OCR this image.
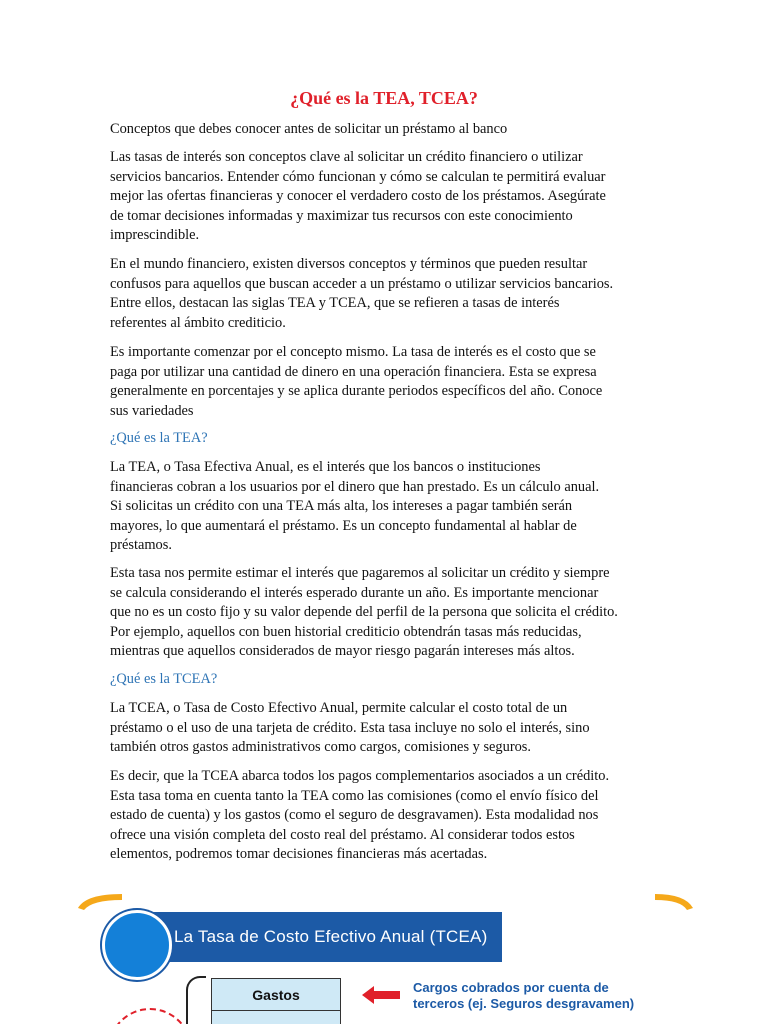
¿Qué es la TEA, TCEA?

Conceptos que debes conocer antes de solicitar un préstamo al banco

Las tasas de interés son conceptos clave al solicitar un crédito financiero o utilizar
servicios bancarios. Entender cómo funcionan y cómo se calculan te permitirá evaluar
mejor las ofertas financieras y conocer el verdadero costo de los préstamos. Asegúrate
de tomar decisiones informadas y maximizar tus recursos con este conocimiento
imprescindible.

En el mundo financiero, existen diversos conceptos y términos que pueden resultar
confusos para aquellos que buscan acceder a un préstamo o utilizar servicios bancarios.
Entre ellos, destacan las siglas TEA y TCEA, que se refieren a tasas de interés
referentes al ámbito crediticio.

Es importante comenzar por el concepto mismo. La tasa de interés es el costo que se
paga por utilizar una cantidad de dinero en una operación financiera. Esta se expresa
generalmente en porcentajes y se aplica durante periodos específicos del año. Conoce
sus variedades

¿Qué es la TEA?

La TEA, o Tasa Efectiva Anual, es el interés que los bancos o instituciones
financieras cobran a los usuarios por el dinero que han prestado. Es un cálculo anual.
Si solicitas un crédito con una TEA más alta, los intereses a pagar también serán
mayores, lo que aumentará el préstamo. Es un concepto fundamental al hablar de
préstamos.

Esta tasa nos permite estimar el interés que pagaremos al solicitar un crédito y siempre
se calcula considerando el interés esperado durante un año. Es importante mencionar
que no es un costo fijo y su valor depende del perfil de la persona que solicita el crédito.
Por ejemplo, aquellos con buen historial crediticio obtendrán tasas más reducidas,
mientras que aquellos considerados de mayor riesgo pagarán intereses más altos.

¿Qué es la TCEA?

La TCEA, o Tasa de Costo Efectivo Anual, permite calcular el costo total de un
préstamo o el uso de una tarjeta de crédito. Esta tasa incluye no solo el interés, sino
también otros gastos administrativos como cargos, comisiones y seguros.

Es decir, que la TCEA abarca todos los pagos complementarios asociados a un crédito.
Esta tasa toma en cuenta tanto la TEA como las comisiones (como el envío físico del
estado de cuenta) y los gastos (como el seguro de desgravamen). Esta modalidad nos
ofrece una visión completa del costo real del préstamo. Al considerar todos estos
elementos, podremos tomar decisiones financieras más acertadas.

La Tasa de Costo Efectivo Anual (TCEA)
Gastos	Cargos cobrados por cuenta de
terceros (ej. Seguros desgravamen)
